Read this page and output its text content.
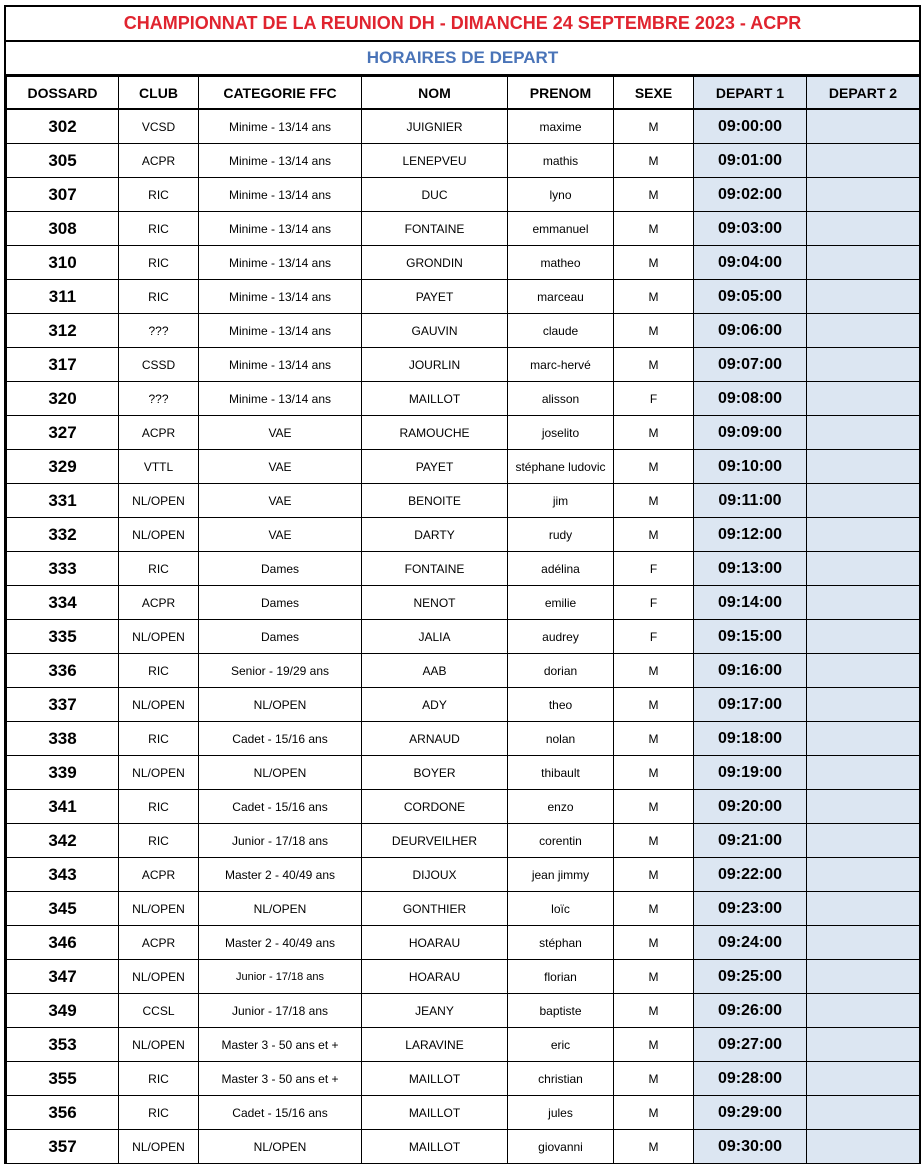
CHAMPIONNAT DE LA REUNION DH - DIMANCHE 24 SEPTEMBRE 2023 - ACPR
HORAIRES DE DEPART
DOSSARD	CLUB	CATEGORIE FFC	NOM	PRENOM	SEXE	DEPART 1	DEPART 2
302	VCSD	Minime - 13/14 ans	JUIGNIER	maxime	M	09:00:00	
305	ACPR	Minime - 13/14 ans	LENEPVEU	mathis	M	09:01:00	
307	RIC	Minime - 13/14 ans	DUC	lyno	M	09:02:00	
308	RIC	Minime - 13/14 ans	FONTAINE	emmanuel	M	09:03:00	
310	RIC	Minime - 13/14 ans	GRONDIN	matheo	M	09:04:00	
311	RIC	Minime - 13/14 ans	PAYET	marceau	M	09:05:00	
312	???	Minime - 13/14 ans	GAUVIN	claude	M	09:06:00	
317	CSSD	Minime - 13/14 ans	JOURLIN	marc-hervé	M	09:07:00	
320	???	Minime - 13/14 ans	MAILLOT	alisson	F	09:08:00	
327	ACPR	VAE	RAMOUCHE	joselito	M	09:09:00	
329	VTTL	VAE	PAYET	stéphane ludovic	M	09:10:00	
331	NL/OPEN	VAE	BENOITE	jim	M	09:11:00	
332	NL/OPEN	VAE	DARTY	rudy	M	09:12:00	
333	RIC	Dames	FONTAINE	adélina	F	09:13:00	
334	ACPR	Dames	NENOT	emilie	F	09:14:00	
335	NL/OPEN	Dames	JALIA	audrey	F	09:15:00	
336	RIC	Senior - 19/29 ans	AAB	dorian	M	09:16:00	
337	NL/OPEN	NL/OPEN	ADY	theo	M	09:17:00	
338	RIC	Cadet - 15/16 ans	ARNAUD	nolan	M	09:18:00	
339	NL/OPEN	NL/OPEN	BOYER	thibault	M	09:19:00	
341	RIC	Cadet - 15/16 ans	CORDONE	enzo	M	09:20:00	
342	RIC	Junior - 17/18 ans	DEURVEILHER	corentin	M	09:21:00	
343	ACPR	Master 2 - 40/49 ans	DIJOUX	jean jimmy	M	09:22:00	
345	NL/OPEN	NL/OPEN	GONTHIER	loïc	M	09:23:00	
346	ACPR	Master 2 - 40/49 ans	HOARAU	stéphan	M	09:24:00	
347	NL/OPEN	Junior - 17/18 ans	HOARAU	florian	M	09:25:00	
349	CCSL	Junior - 17/18 ans	JEANY	baptiste	M	09:26:00	
353	NL/OPEN	Master 3 - 50 ans et +	LARAVINE	eric	M	09:27:00	
355	RIC	Master 3 - 50 ans et +	MAILLOT	christian	M	09:28:00	
356	RIC	Cadet - 15/16 ans	MAILLOT	jules	M	09:29:00	
357	NL/OPEN	NL/OPEN	MAILLOT	giovanni	M	09:30:00	
